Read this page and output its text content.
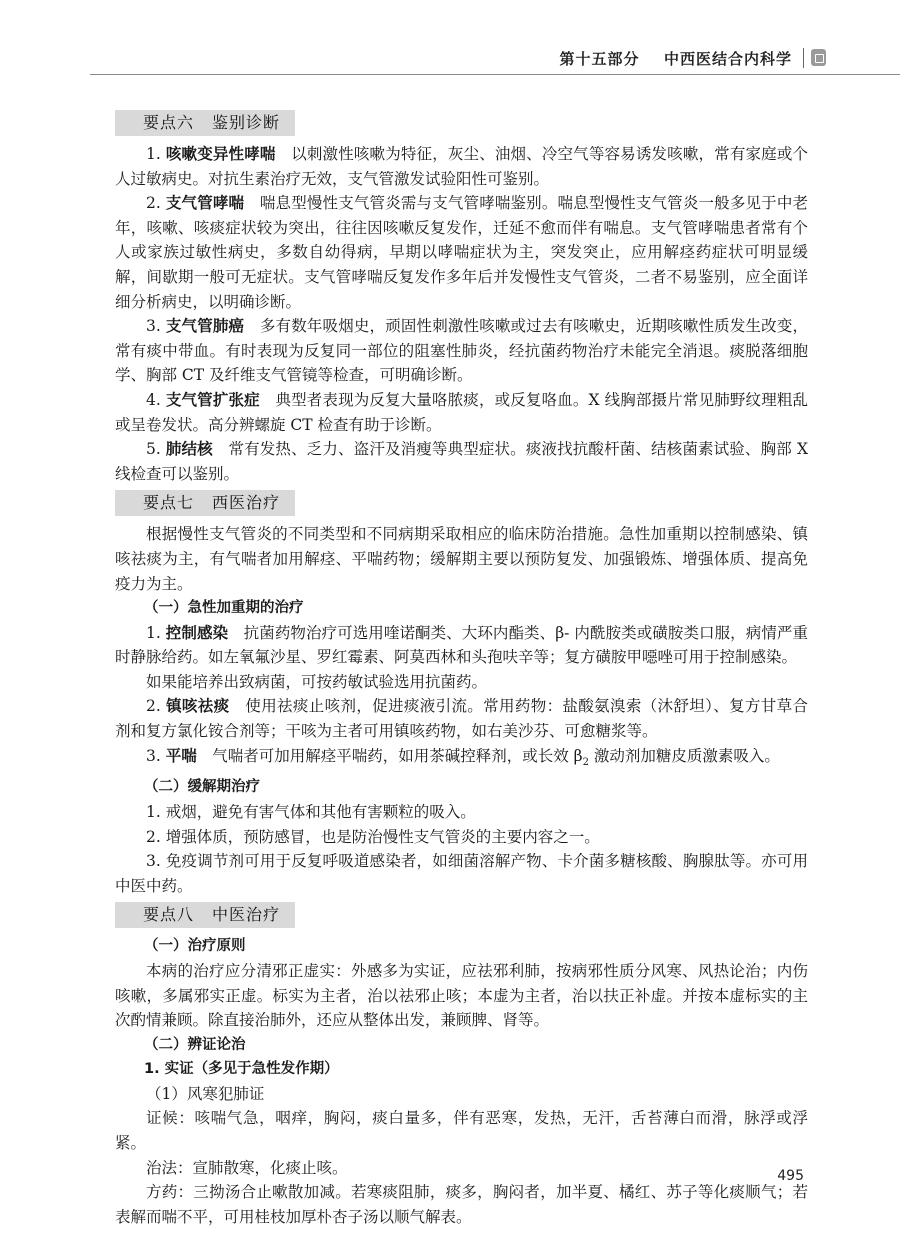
第十五部分 中西医结合内科学
要点六 鉴别诊断

1. 咳嗽变异性哮喘　以刺激性咳嗽为特征，灰尘、油烟、冷空气等容易诱发咳嗽，常有家庭或个人过敏病史。对抗生素治疗无效，支气管激发试验阳性可鉴别。

2. 支气管哮喘　喘息型慢性支气管炎需与支气管哮喘鉴别。喘息型慢性支气管炎一般多见于中老年，咳嗽、咳痰症状较为突出，往往因咳嗽反复发作，迁延不愈而伴有喘息。支气管哮喘患者常有个人或家族过敏性病史，多数自幼得病，早期以哮喘症状为主，突发突止，应用解痉药症状可明显缓解，间歇期一般可无症状。支气管哮喘反复发作多年后并发慢性支气管炎，二者不易鉴别，应全面详细分析病史，以明确诊断。

3. 支气管肺癌　多有数年吸烟史，顽固性刺激性咳嗽或过去有咳嗽史，近期咳嗽性质发生改变，常有痰中带血。有时表现为反复同一部位的阻塞性肺炎，经抗菌药物治疗未能完全消退。痰脱落细胞学、胸部 CT 及纤维支气管镜等检查，可明确诊断。

4. 支气管扩张症　典型者表现为反复大量咯脓痰，或反复咯血。X 线胸部摄片常见肺野纹理粗乱或呈卷发状。高分辨螺旋 CT 检查有助于诊断。

5. 肺结核　常有发热、乏力、盗汗及消瘦等典型症状。痰液找抗酸杆菌、结核菌素试验、胸部 X 线检查可以鉴别。

要点七 西医治疗

根据慢性支气管炎的不同类型和不同病期采取相应的临床防治措施。急性加重期以控制感染、镇咳祛痰为主，有气喘者加用解痉、平喘药物；缓解期主要以预防复发、加强锻炼、增强体质、提高免疫力为主。

（一）急性加重期的治疗

1. 控制感染　抗菌药物治疗可选用喹诺酮类、大环内酯类、β- 内酰胺类或磺胺类口服，病情严重时静脉给药。如左氧氟沙星、罗红霉素、阿莫西林和头孢呋辛等；复方磺胺甲噁唑可用于控制感染。

如果能培养出致病菌，可按药敏试验选用抗菌药。

2. 镇咳祛痰　使用祛痰止咳剂，促进痰液引流。常用药物：盐酸氨溴索（沐舒坦）、复方甘草合剂和复方氯化铵合剂等；干咳为主者可用镇咳药物，如右美沙芬、可愈糖浆等。

3. 平喘　气喘者可加用解痉平喘药，如用茶碱控释剂，或长效 $\beta_2$ 激动剂加糖皮质激素吸入。

（二）缓解期治疗

1. 戒烟，避免有害气体和其他有害颗粒的吸入。

2. 增强体质，预防感冒，也是防治慢性支气管炎的主要内容之一。

3. 免疫调节剂可用于反复呼吸道感染者，如细菌溶解产物、卡介菌多糖核酸、胸腺肽等。亦可用中医中药。

要点八 中医治疗

（一）治疗原则

本病的治疗应分清邪正虚实：外感多为实证，应祛邪利肺，按病邪性质分风寒、风热论治；内伤咳嗽，多属邪实正虚。标实为主者，治以祛邪止咳；本虚为主者，治以扶正补虚。并按本虚标实的主次酌情兼顾。除直接治肺外，还应从整体出发，兼顾脾、肾等。

（二）辨证论治

1. 实证（多见于急性发作期）

（1）风寒犯肺证

证候：咳喘气急，咽痒，胸闷，痰白量多，伴有恶寒，发热，无汗，舌苔薄白而滑，脉浮或浮紧。

治法：宣肺散寒，化痰止咳。

方药：三拗汤合止嗽散加减。若寒痰阻肺，痰多，胸闷者，加半夏、橘红、苏子等化痰顺气；若表解而喘不平，可用桂枝加厚朴杏子汤以顺气解表。

495
